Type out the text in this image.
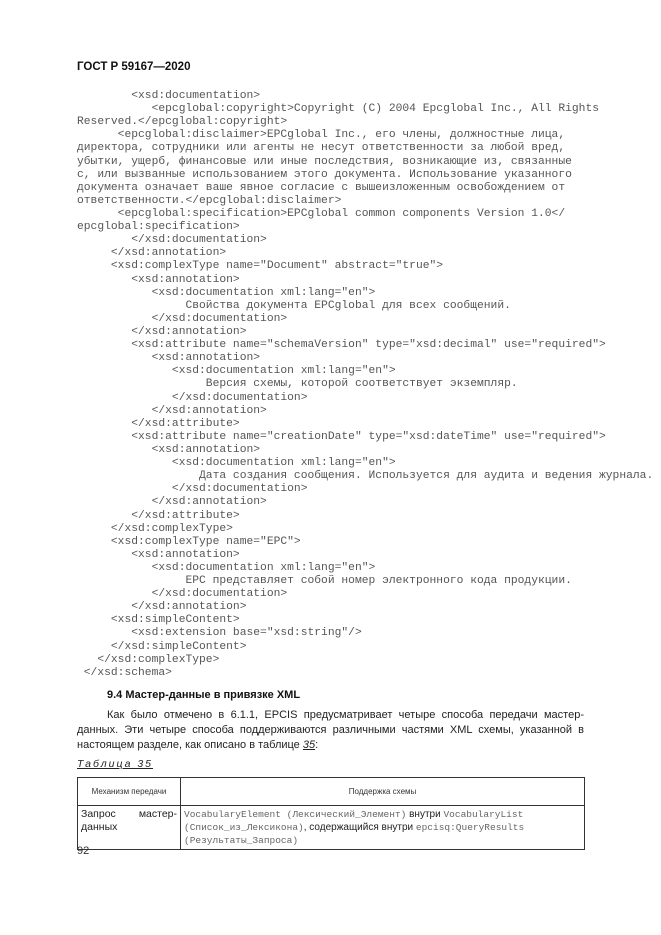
ГОСТ Р 59167—2020
<xsd:documentation>
<epcglobal:copyright>Copyright (C) 2004 Epcglobal Inc., All Rights
Reserved.</epcglobal:copyright>
<epcglobal:disclaimer>EPCglobal Inc., его члены, должностные лица,
директора, сотрудники или агенты не несут ответственности за любой вред,
убытки, ущерб, финансовые или иные последствия, возникающие из, связанные
с, или вызванные использованием этого документа. Использование указанного
документа означает ваше явное согласие с вышеизложенным освобождением от
ответственности.</epcglobal:disclaimer>
<epcglobal:specification>EPCglobal common components Version 1.0</
epcglobal:specification>
</xsd:documentation>
</xsd:annotation>
<xsd:complexType name="Document" abstract="true">
<xsd:annotation>
<xsd:documentation xml:lang="en">
Свойства документа EPCglobal для всех сообщений.
</xsd:documentation>
</xsd:annotation>
<xsd:attribute name="schemaVersion" type="xsd:decimal" use="required">
<xsd:annotation>
<xsd:documentation xml:lang="en">
Версия схемы, которой соответствует экземпляр.
</xsd:documentation>
</xsd:annotation>
</xsd:attribute>
<xsd:attribute name="creationDate" type="xsd:dateTime" use="required">
<xsd:annotation>
<xsd:documentation xml:lang="en">
Дата создания сообщения. Используется для аудита и ведения журнала.
</xsd:documentation>
</xsd:annotation>
</xsd:attribute>
</xsd:complexType>
<xsd:complexType name="EPC">
<xsd:annotation>
<xsd:documentation xml:lang="en">
EPC представляет собой номер электронного кода продукции.
</xsd:documentation>
</xsd:annotation>
<xsd:simpleContent>
<xsd:extension base="xsd:string"/>
</xsd:simpleContent>
</xsd:complexType>
</xsd:schema>
9.4 Мастер-данные в привязке XML
Как было отмечено в 6.1.1, EPCIS предусматривает четыре способа передачи мастер-данных. Эти четыре способа поддерживаются различными частями XML схемы, указанной в настоящем разделе, как описано в таблице 35:
Таблица 35
Механизм передачи	Поддержка схемы
Запрос мастер-данных	VocabularyElement (Лексический_Элемент) внутри VocabularyList (Список_из_Лексикона), содержащийся внутри epcisq:QueryResults (Результаты_Запроса)
92
